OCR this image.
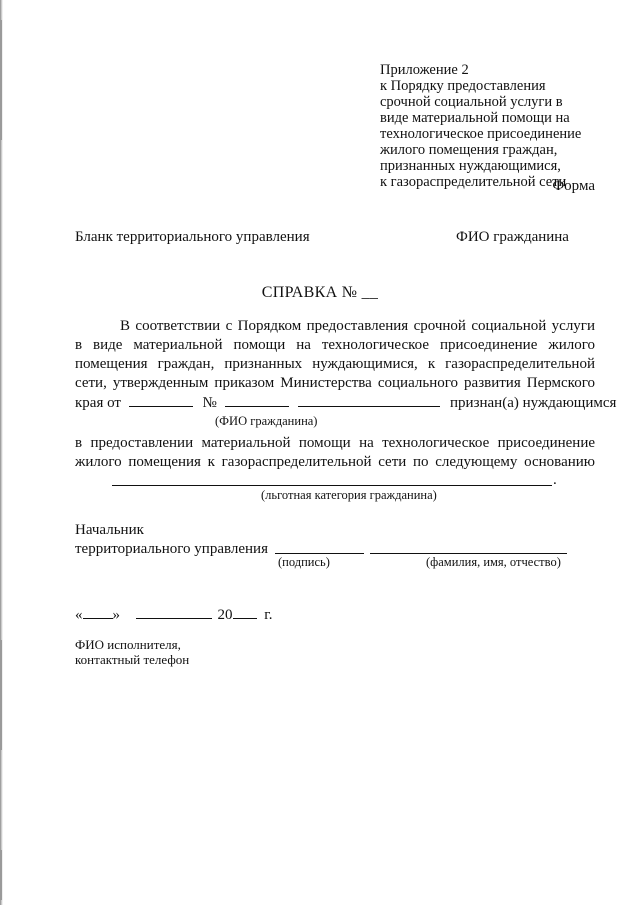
Приложение 2
к Порядку предоставления
срочной социальной услуги в
виде материальной помощи на
технологическое присоединение
жилого помещения граждан,
признанных нуждающимися,
к газораспределительной сети
Форма
Бланк территориального управления	ФИО гражданина
СПРАВКА № __
В соответствии с Порядком предоставления срочной социальной услуги
в виде материальной помощи на технологическое присоединение жилого
помещения граждан, признанных нуждающимися, к газораспределительной
сети, утвержденным приказом Министерства социального развития Пермского
края от	№	признан(а) нуждающимся
(ФИО гражданина)
в предоставлении материальной помощи на технологическое присоединение
жилого помещения к газораспределительной сети по следующему основанию
.
(льготная категория гражданина)
Начальник
территориального управления
(подпись)	(фамилия, имя, отчество)
« »	20 г.
ФИО исполнителя,
контактный телефон
